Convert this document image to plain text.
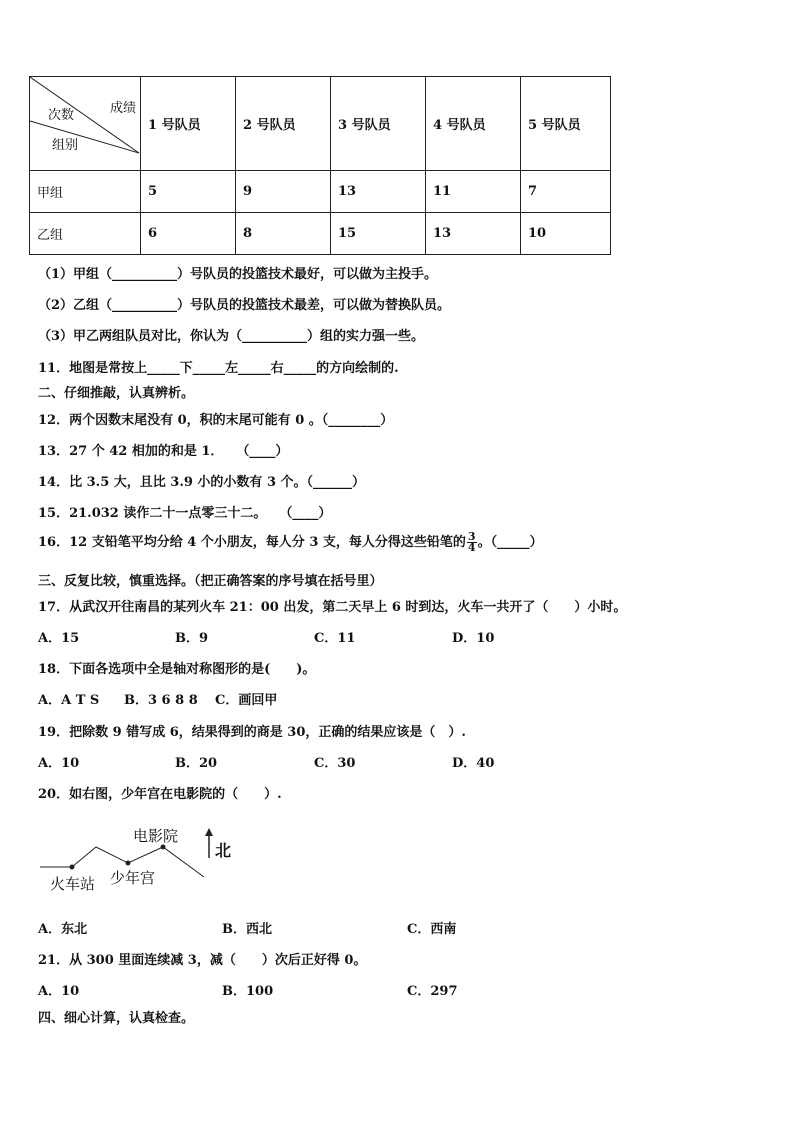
成绩
次数
组别	1 号队员	2 号队员	3 号队员	4 号队员	5 号队员
甲组	5	9	13	11	7
乙组	6	8	15	13	10
（1）甲组（__________）号队员的投篮技术最好，可以做为主投手。
（2）乙组（__________）号队员的投篮技术最差，可以做为替换队员。
（3）甲乙两组队员对比，你认为（__________）组的实力强一些。
11．地图是常按上_____下_____左_____右_____的方向绘制的.
二、仔细推敲，认真辨析。
12．两个因数末尾没有 0，积的末尾可能有 0 。（________）
13．27 个 42 相加的和是 1．　　（____）
14．比 3.5 大，且比 3.9 小的小数有 3 个。（______）
15．21.032 读作二十一点零三十二。　　（____）
16．12 支铅笔平均分给 4 个小朋友，每人分 3 支，每人分得这些铅笔的 $\frac{3}{4}$ 。（_____）
三、反复比较，慎重选择。（把正确答案的序号填在括号里）
17．从武汉开往南昌的某列火车 21：00 出发，第二天早上 6 时到达，火车一共开了（　　）小时。
A．15	B．9	C．11	D．10
18．下面各选项中全是轴对称图形的是(　　)。
A．A T S B．3 6 8 8 C．画回甲
19．把除数 9 错写成 6，结果得到的商是 30，正确的结果应该是（　）.
A．10	B．20	C．30	D．40
20．如右图，少年宫在电影院的（　　）.
电影院
火车站 少年宫
北
A．东北	B．西北	C．西南
21．从 300 里面连续减 3，减（　　）次后正好得 0。
A．10	B．100	C．297
四、细心计算，认真检查。
